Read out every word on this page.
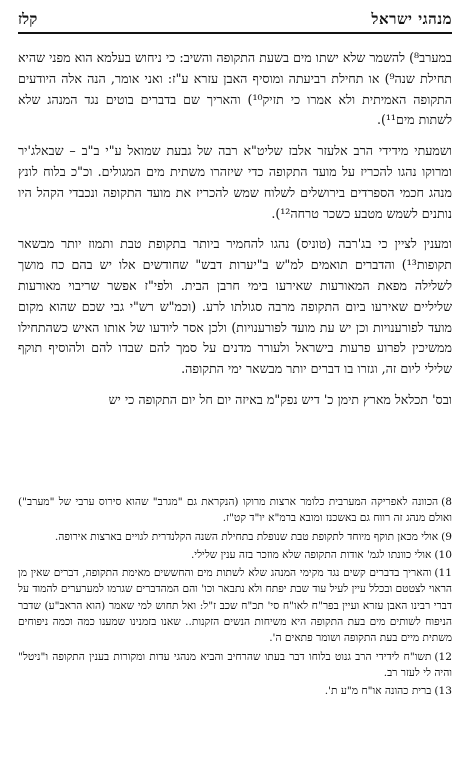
מנהגי ישראל
קלז

במערב⁸) להשמר שלא ישתו מים בשעת התקופה והשיב: כי ניחוש בעלמא הוא מפני שהיא תחילת שנה⁹) או תחילת רביעתה ומוסיף האבן עזרא ע"ז: ואני אומר, הנה אלה היודעים התקופה האמיתית ולא אמרו כי תזיק¹⁰) והאריך שם בדברים בוטים נגד המנהג שלא לשתות מים¹¹).

ושמעתי מידידי הרב אלעזר אלבז שליט"א רבה של גבעת שמואל ע"י ב"ב – שבאלג'יר ומרוקו נהגו להכריז על מועד התקופה כדי שיזהרו משתית מים המגולים. וכ"כ בלוח לונץ מנהג חכמי הספרדים בירושלים לשלוח שמש להכריז את מועד התקופה ונכבדי הקהל היו נותנים לשמש מטבע כשכר טרחה¹²).

ומענין לציין כי בג'רבה (טוניס) נהגו להחמיר ביותר בתקופת טבת ותמוז יותר מבשאר תקופות¹³) והדברים תואמים למ"ש ב"יערות דבש" שחודשים אלו יש בהם כח מושך לשלילה מפאת המאורעות שאירעו בימי חרבן הבית. ולפי"ז אפשר שריבוי מאורעות שליליים שאירעו ביום התקופה מרבה סגולתו לרע. (וכמ"ש רש"י גבי שכם שהוא מקום מועד לפורענויות וכן יש עת מועד לפורענויות) ולכן אסר ליודעו של אותו האיש כשהתחילו ממשיכין לפרוע פרעות בישראל ולעורר מדנים על סמך להם שבדו להם ולהוסיף תוקף שלילי ליום זה, וגזרו בו דברים יותר מבשאר ימי התקופה.

ובס' תכלאל מארץ תימן כ' דיש נפק"מ באיזה יום חל יום התקופה כי יש

8)הכוונה לאפריקה המערבית כלומר ארצות מרוקו (הנקראת גם "מגרב" שהוא סירוס ערבי של "מערב") ואולם מנהג זה רווח גם באשכנז ומובא ברמ"א יו"ד קט"ז.

9)אולי מכאן תוקף מיוחד לתקופת טבת שנופלת בתחילת השנה הקלנדרית לגויים בארצות אירופה.

10)אולי כוונתו לגמ' אודות התקופה שלא מוזכר בזה ענין שלילי.

11)והאריך בדברים קשים נגד מקימי המנהג שלא לשתות מים והחששים מאימת התקופה, דברים שאין מן הראוי לצטטם ובכלל עיין לעיל עוד שבת יפתח ולא נתבאר וכו' והם המהדברים שגרמו למערערים להמוד על דברי רבינו האבן עזרא ועיין בפר"ח לאו"ח סי' תכ"ח שכב ז"ל: ואל תחוש למי שאמר (הוא הראב"ע) שדבר הניפוח לשותים מים בעת התקופה היא משיחות הנשים הזקנות.. שאנו בזמנינו שמענו כמה וכמה ניפוחים משתית מיים בעת התקופה ושומר פתאים ה'.

12)תשו"ח לידידי הרב גנוט בלוחו דבר בעתו שהרחיב והביא מנהגי עדות ומקורות בענין התקופה ו"ניטל" והיה לי לעזר רב.

13)ברית כהונה או"ח מ"ע ת'.
